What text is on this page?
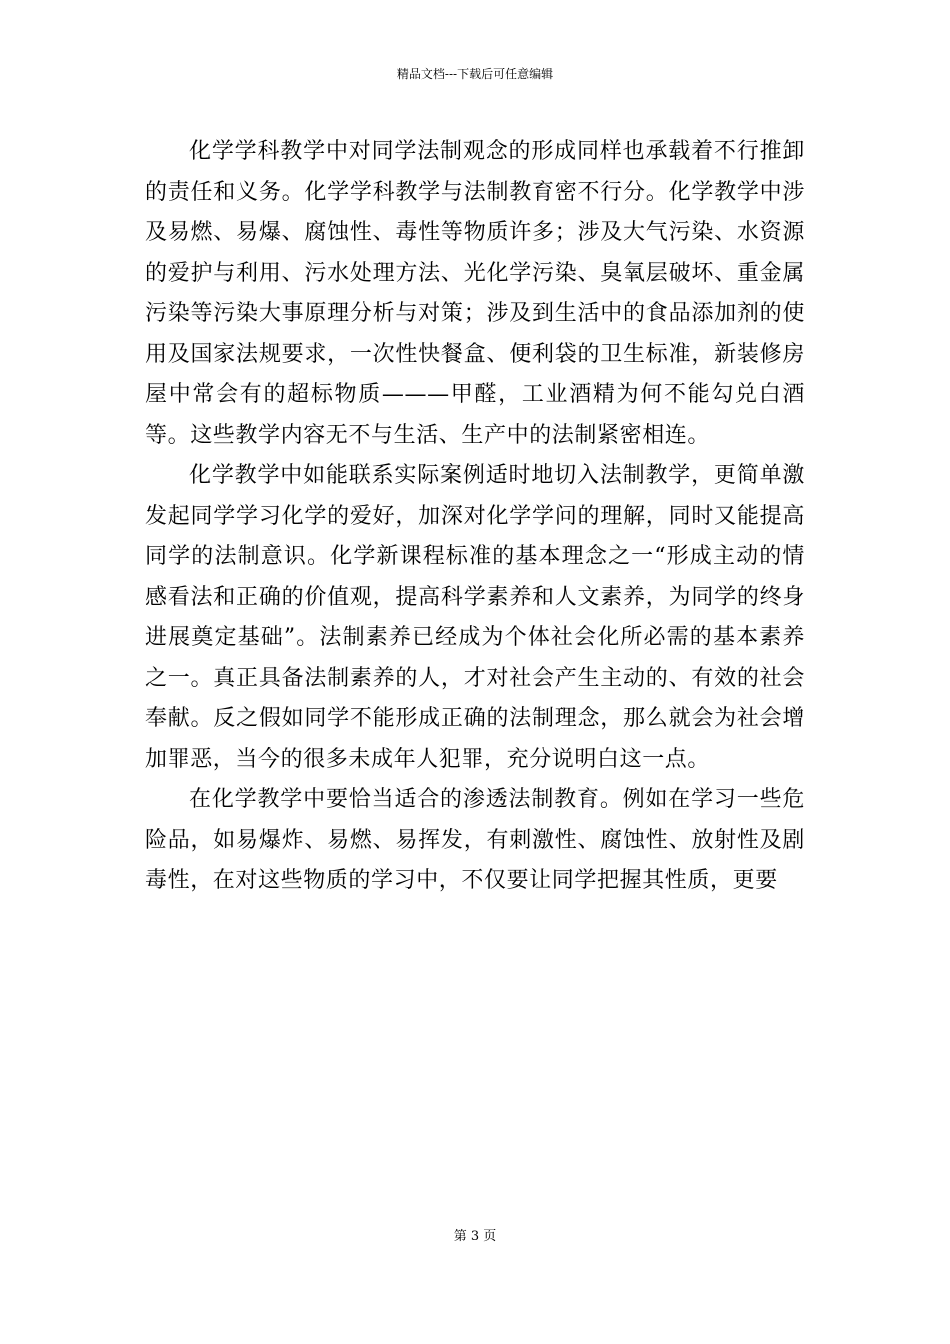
精品文档---下载后可任意编辑

化学学科教学中对同学法制观念的形成同样也承载着不行推卸的责任和义务。化学学科教学与法制教育密不行分。化学教学中涉及易燃、易爆、腐蚀性、毒性等物质许多；涉及大气污染、水资源的爱护与利用、污水处理方法、光化学污染、臭氧层破坏、重金属污染等污染大事原理分析与对策；涉及到生活中的食品添加剂的使用及国家法规要求，一次性快餐盒、便利袋的卫生标准，新装修房屋中常会有的超标物质———甲醛，工业酒精为何不能勾兑白酒等。这些教学内容无不与生活、生产中的法制紧密相连。

化学教学中如能联系实际案例适时地切入法制教学，更简单激发起同学学习化学的爱好，加深对化学学问的理解，同时又能提高同学的法制意识。化学新课程标准的基本理念之一“形成主动的情感看法和正确的价值观，提高科学素养和人文素养，为同学的终身进展奠定基础”。法制素养已经成为个体社会化所必需的基本素养之一。真正具备法制素养的人，才对社会产生主动的、有效的社会奉献。反之假如同学不能形成正确的法制理念，那么就会为社会增加罪恶，当今的很多未成年人犯罪，充分说明白这一点。

在化学教学中要恰当适合的渗透法制教育。例如在学习一些危险品，如易爆炸、易燃、易挥发，有刺激性、腐蚀性、放射性及剧毒性，在对这些物质的学习中，不仅要让同学把握其性质，更要

第 3 页
